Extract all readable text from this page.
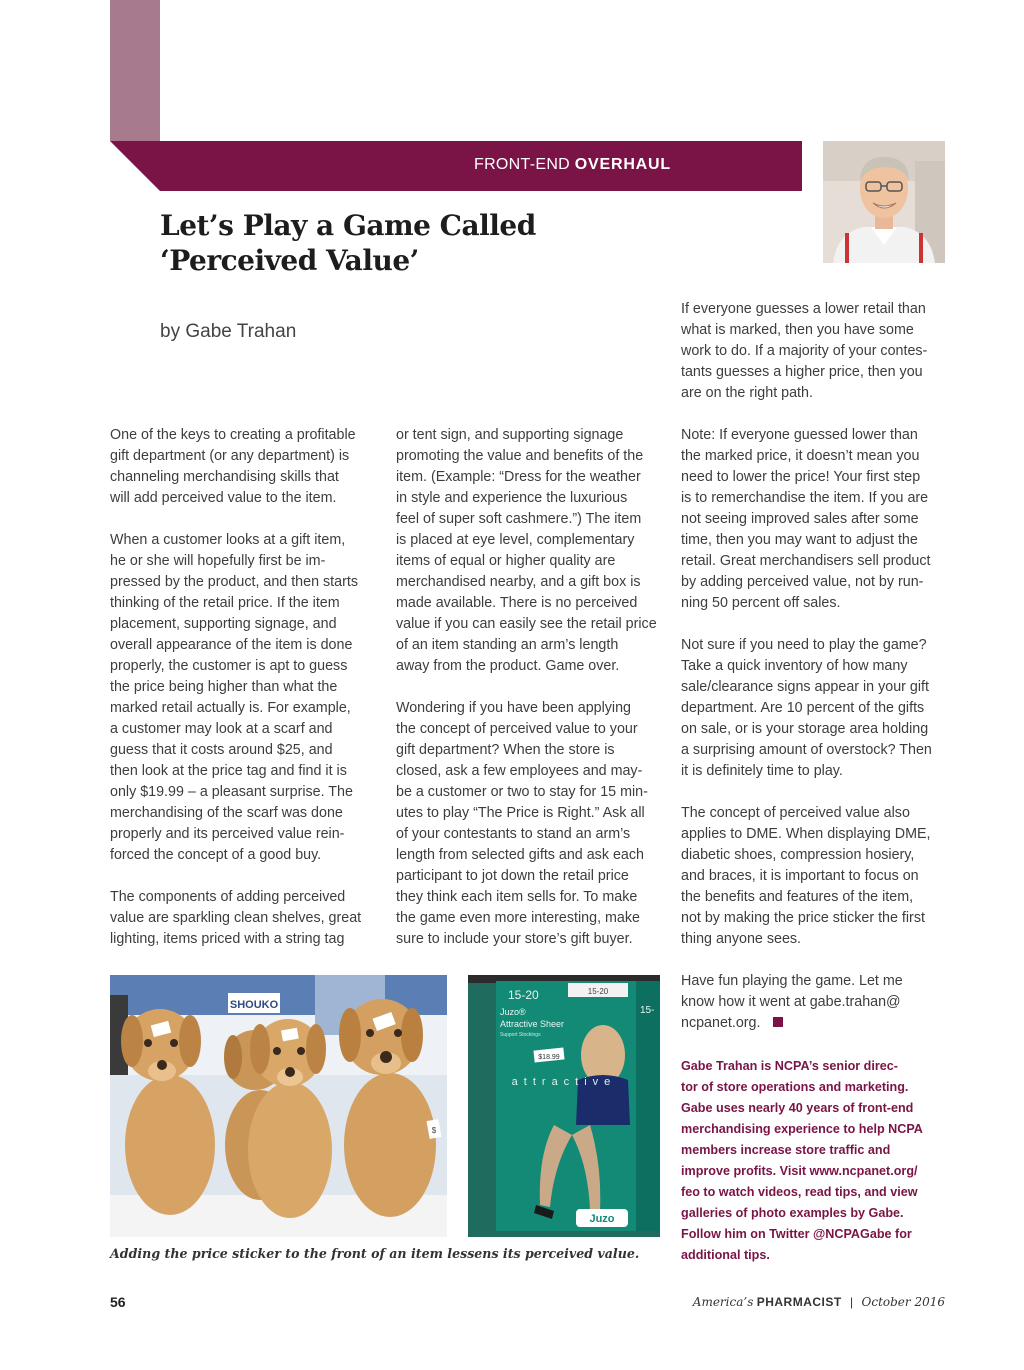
FRONT-END OVERHAUL
Let’s Play a Game Called
‘Perceived Value’
by Gabe Trahan
If everyone guesses a lower retail than
what is marked, then you have some
work to do. If a majority of your contes-
tants guesses a higher price, then you
are on the right path.
One of the keys to creating a profitable
gift department (or any department) is
channeling merchandising skills that
will add perceived value to the item.
When a customer looks at a gift item,
he or she will hopefully first be im-
pressed by the product, and then starts
thinking of the retail price. If the item
placement, supporting signage, and
overall appearance of the item is done
properly, the customer is apt to guess
the price being higher than what the
marked retail actually is. For example,
a customer may look at a scarf and
guess that it costs around $25, and
then look at the price tag and find it is
only $19.99 – a pleasant surprise. The
merchandising of the scarf was done
properly and its perceived value rein-
forced the concept of a good buy.
The components of adding perceived
value are sparkling clean shelves, great
lighting, items priced with a string tag
or tent sign, and supporting signage
promoting the value and benefits of the
item. (Example: “Dress for the weather
in style and experience the luxurious
feel of super soft cashmere.”) The item
is placed at eye level, complementary
items of equal or higher quality are
merchandised nearby, and a gift box is
made available. There is no perceived
value if you can easily see the retail price
of an item standing an arm’s length
away from the product. Game over.
Wondering if you have been applying
the concept of perceived value to your
gift department? When the store is
closed, ask a few employees and may-
be a customer or two to stay for 15 min-
utes to play “The Price is Right.” Ask all
of your contestants to stand an arm’s
length from selected gifts and ask each
participant to jot down the retail price
they think each item sells for. To make
the game even more interesting, make
sure to include your store’s gift buyer.
Note: If everyone guessed lower than
the marked price, it doesn’t mean you
need to lower the price! Your first step
is to remerchandise the item. If you are
not seeing improved sales after some
time, then you may want to adjust the
retail. Great merchandisers sell product
by adding perceived value, not by run-
ning 50 percent off sales.
Not sure if you need to play the game?
Take a quick inventory of how many
sale/clearance signs appear in your gift
department. Are 10 percent of the gifts
on sale, or is your storage area holding
a surprising amount of overstock? Then
it is definitely time to play.
The concept of perceived value also
applies to DME. When displaying DME,
diabetic shoes, compression hosiery,
and braces, it is important to focus on
the benefits and features of the item,
not by making the price sticker the first
thing anyone sees.
Have fun playing the game. Let me
know how it went at gabe.trahan@
ncpanet.org.
Gabe Trahan is NCPA’s senior direc-
tor of store operations and marketing.
Gabe uses nearly 40 years of front-end
merchandising experience to help NCPA
members increase store traffic and
improve profits. Visit www.ncpanet.org/
feo to watch videos, read tips, and view
galleries of photo examples by Gabe.
Follow him on Twitter @NCPAGabe for
additional tips.
SHOUKO
$
15-20
15-20
15-
Juzo®
Attractive Sheer
Support Stockings
$18.99
attractive
Juzo
Adding the price sticker to the front of an item lessens its perceived value.
56	America’s PHARMACIST | October 2016
